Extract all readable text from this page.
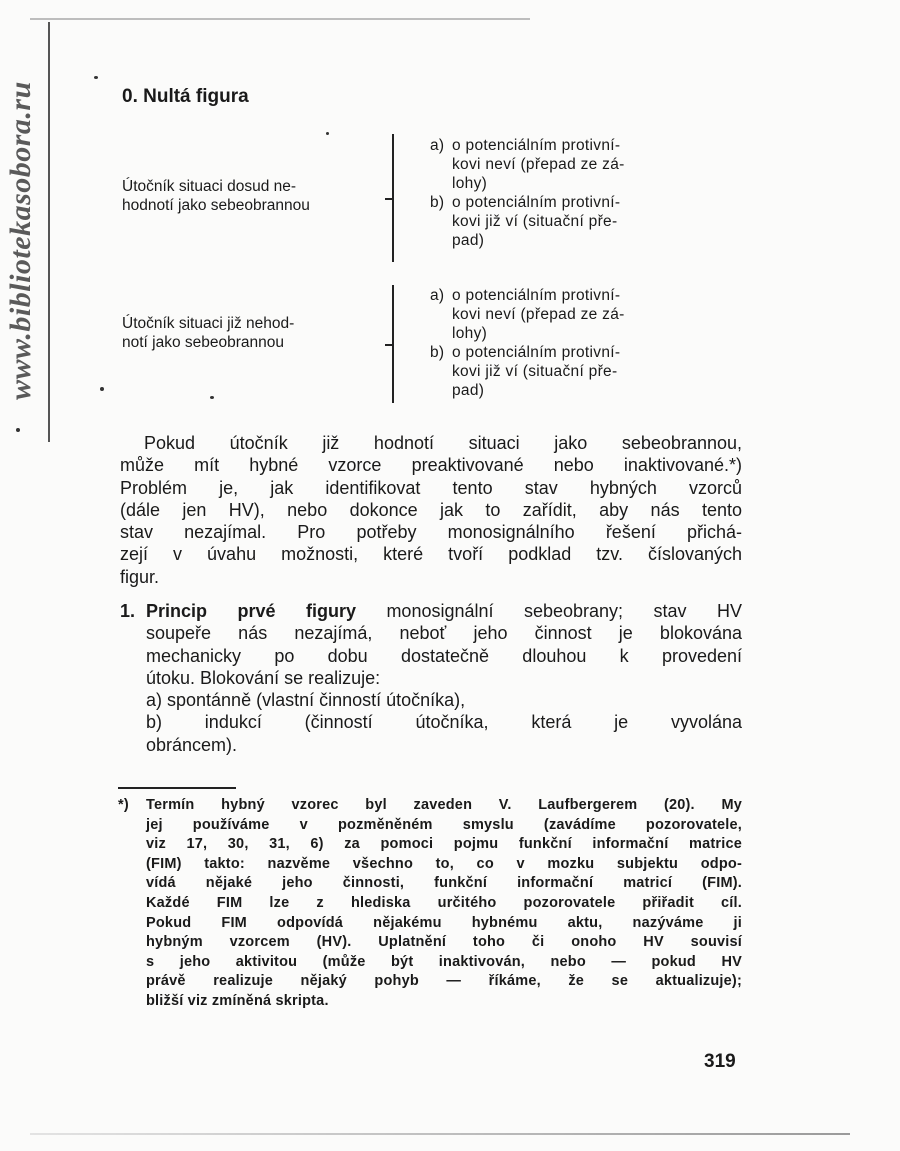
www.bibliotekasobora.ru	0. Nultá figura
Útočník situaci dosud ne-
hodnotí jako sebeobrannou
a) o potenciálním protivní-
kovi neví (přepad ze zá-
lohy)
b) o potenciálním protivní-
kovi již ví (situační pře-
pad)
Útočník situaci již nehod-
notí jako sebeobrannou
a) o potenciálním protivní-
kovi neví (přepad ze zá-
lohy)
b) o potenciálním protivní-
kovi již ví (situační pře-
pad)
Pokud útočník již hodnotí situaci jako sebeobrannou,
může mít hybné vzorce preaktivované nebo inaktivované.*)
Problém je, jak identifikovat tento stav hybných vzorců
(dále jen HV), nebo dokonce jak to zařídit, aby nás tento
stav nezajímal. Pro potřeby monosignálního řešení přichá-
zejí v úvahu možnosti, které tvoří podklad tzv. číslovaných
figur.
1. Princip prvé figury monosignální sebeobrany; stav HV
soupeře nás nezajímá, neboť jeho činnost je blokována
mechanicky po dobu dostatečně dlouhou k provedení
útoku. Blokování se realizuje:
a) spontánně (vlastní činností útočníka),
b) indukcí (činností útočníka, která je vyvolána
obráncem).
*) Termín hybný vzorec byl zaveden V. Laufbergerem (20). My
jej používáme v pozměněném smyslu (zavádíme pozorovatele,
viz 17, 30, 31, 6) za pomoci pojmu funkční informační matrice
(FIM) takto: nazvěme všechno to, co v mozku subjektu odpo-
vídá nějaké jeho činnosti, funkční informační matricí (FIM).
Každé FIM lze z hlediska určitého pozorovatele přiřadit cíl.
Pokud FIM odpovídá nějakému hybnému aktu, nazýváme ji
hybným vzorcem (HV). Uplatnění toho či onoho HV souvisí
s jeho aktivitou (může být inaktivován, nebo — pokud HV
právě realizuje nějaký pohyb — říkáme, že se aktualizuje);
bližší viz zmíněná skripta.
319
